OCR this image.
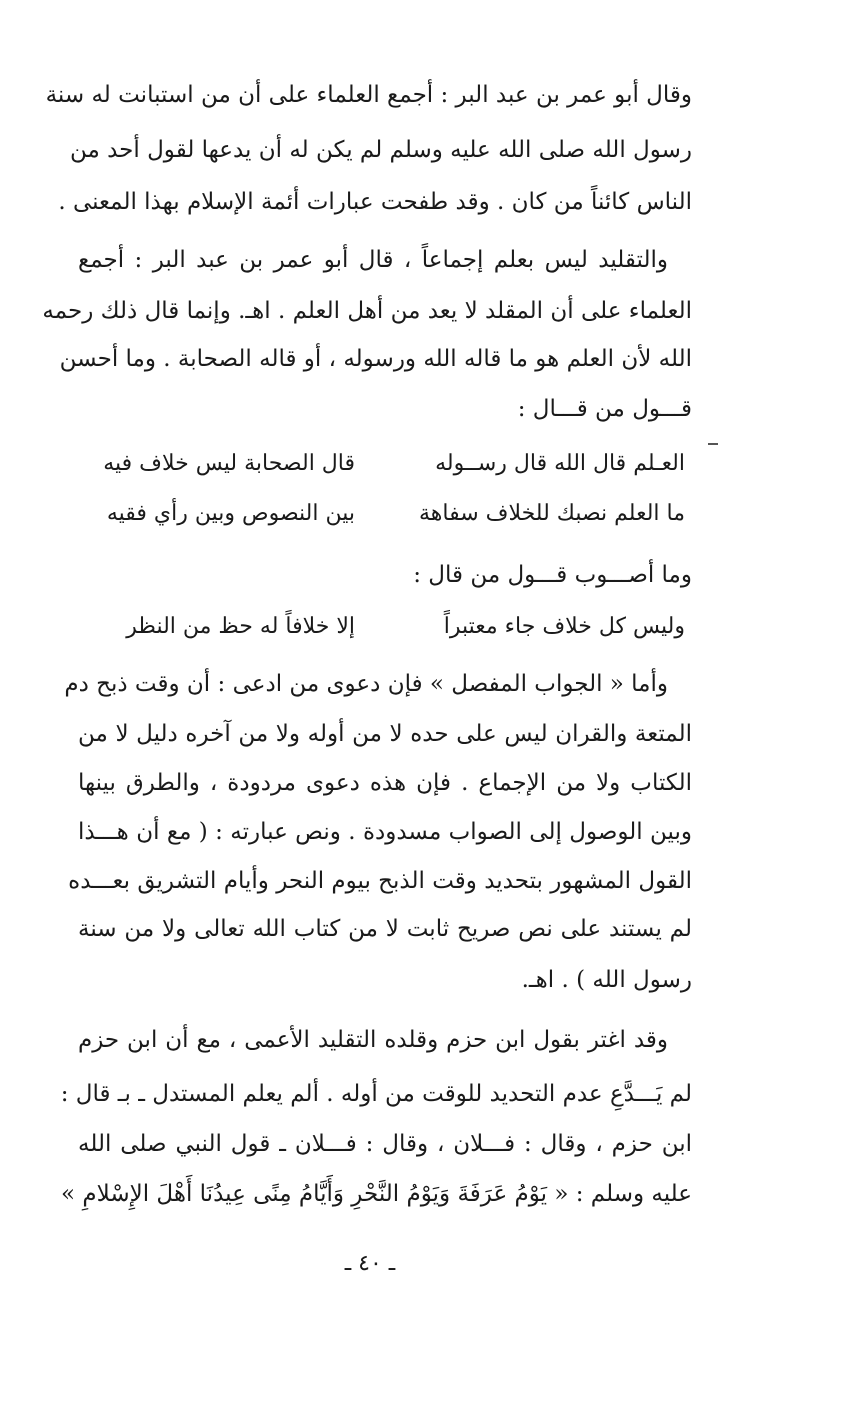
وقال أبو عمر بن عبد البر : أجمع العلماء على أن من استبانت له سنة
رسول الله صلى الله عليه وسلم لم يكن له أن يدعها لقول أحد من
الناس كائناً من كان . وقد طفحت عبارات أئمة الإسلام بهذا المعنى .
والتقليد ليس بعلم إجماعاً ، قال أبو عمر بن عبد البر : أجمع
العلماء على أن المقلد لا يعد من أهل العلم . اهـ. وإنما قال ذلك رحمه
الله لأن العلم هو ما قاله الله ورسوله ، أو قاله الصحابة . وما أحسن
قـــول من قـــال :
العـلم قال الله قال رســوله
قال الصحابة ليس خلاف فيه
ما العلم نصبك للخلاف سفاهة
بين النصوص وبين رأي فقيه
وما أصـــوب قـــول من قال :
وليس كل خلاف جاء معتبراً
إلا خلافاً له حظ من النظر
وأما « الجواب المفصل » فإن دعوى من ادعى : أن وقت ذبح دم
المتعة والقران ليس على حده لا من أوله ولا من آخره دليل لا من
الكتاب ولا من الإجماع . فإن هذه دعوى مردودة ، والطرق بينها
وبين الوصول إلى الصواب مسدودة . ونص عبارته : ( مع أن هـــذا
القول المشهور بتحديد وقت الذبح بيوم النحر وأيام التشريق بعـــده
لم يستند على نص صريح ثابت لا من كتاب الله تعالى ولا من سنة
رسول الله ) . اهـ.
وقد اغتر بقول ابن حزم وقلده التقليد الأعمى ، مع أن ابن حزم
لم يَـــدَّعِ عدم التحديد للوقت من أوله . ألم يعلم المستدل ـ بـ قال :
ابن حزم ، وقال : فـــلان ، وقال : فـــلان ـ قول النبي صلى الله
عليه وسلم : « يَوْمُ عَرَفَةَ وَيَوْمُ النَّحْرِ وَأَيَّامُ مِنًى عِيدُنَا أَهْلَ الإِسْلامِ »
ـ ٤٠ ـ
